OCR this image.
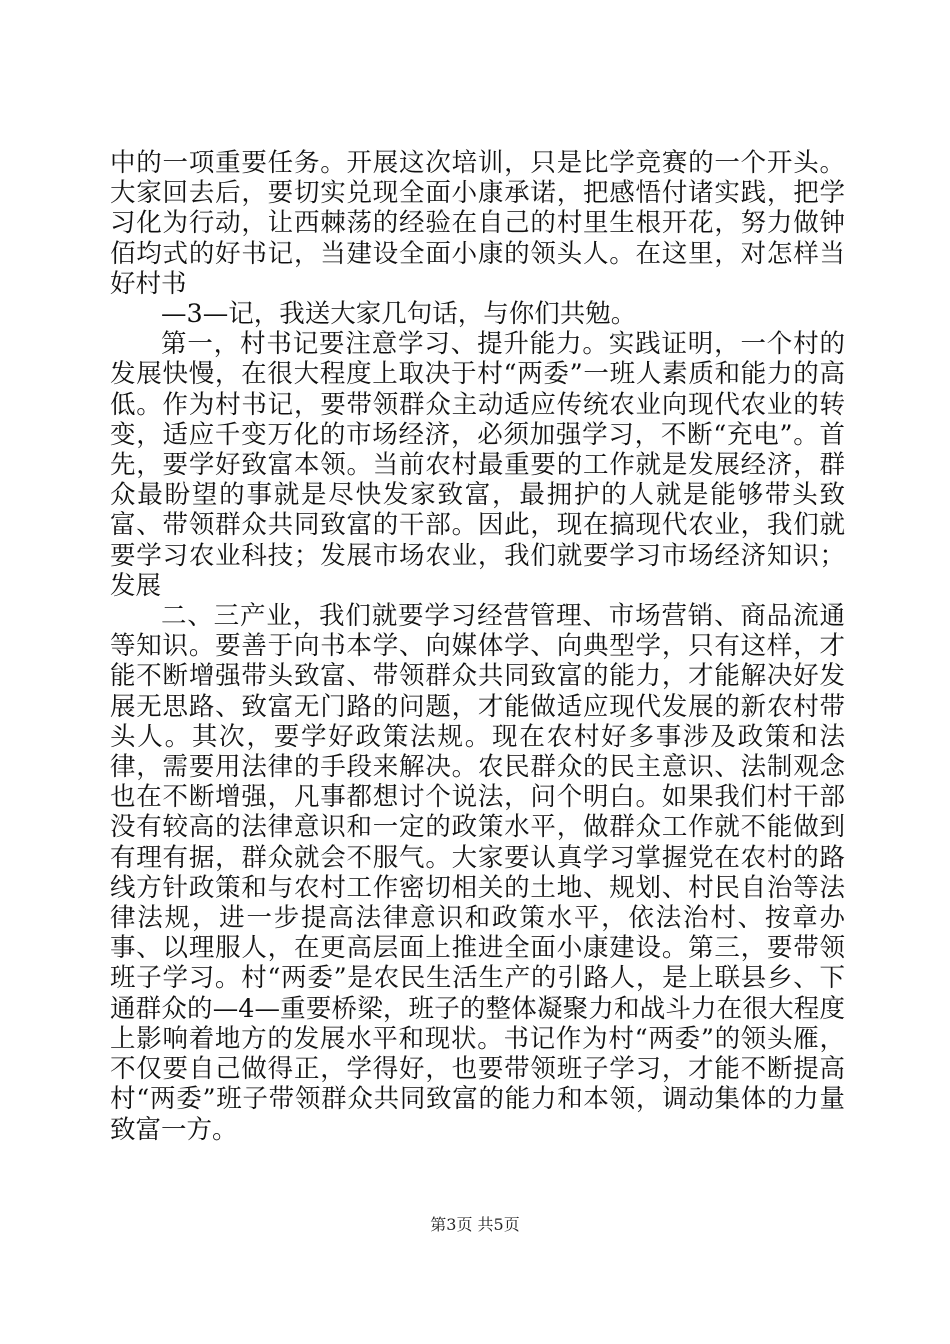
中的一项重要任务。开展这次培训，只是比学竞赛的一个开头。大家回去后，要切实兑现全面小康承诺，把感悟付诸实践，把学习化为行动，让西棘荡的经验在自己的村里生根开花，努力做钟佰均式的好书记，当建设全面小康的领头人。在这里，对怎样当好村书

—3—记，我送大家几句话，与你们共勉。

第一，村书记要注意学习、提升能力。实践证明，一个村的发展快慢，在很大程度上取决于村“两委”一班人素质和能力的高低。作为村书记，要带领群众主动适应传统农业向现代农业的转变，适应千变万化的市场经济，必须加强学习，不断“充电”。首先，要学好致富本领。当前农村最重要的工作就是发展经济，群众最盼望的事就是尽快发家致富，最拥护的人就是能够带头致富、带领群众共同致富的干部。因此，现在搞现代农业，我们就要学习农业科技；发展市场农业，我们就要学习市场经济知识；发展

二、三产业，我们就要学习经营管理、市场营销、商品流通等知识。要善于向书本学、向媒体学、向典型学，只有这样，才能不断增强带头致富、带领群众共同致富的能力，才能解决好发展无思路、致富无门路的问题，才能做适应现代发展的新农村带头人。其次，要学好政策法规。现在农村好多事涉及政策和法律，需要用法律的手段来解决。农民群众的民主意识、法制观念也在不断增强，凡事都想讨个说法，问个明白。如果我们村干部没有较高的法律意识和一定的政策水平，做群众工作就不能做到有理有据，群众就会不服气。大家要认真学习掌握党在农村的路线方针政策和与农村工作密切相关的土地、规划、村民自治等法律法规，进一步提高法律意识和政策水平，依法治村、按章办事、以理服人，在更高层面上推进全面小康建设。第三，要带领班子学习。村“两委”是农民生活生产的引路人，是上联县乡、下通群众的—4—重要桥梁，班子的整体凝聚力和战斗力在很大程度上影响着地方的发展水平和现状。书记作为村“两委”的领头雁，不仅要自己做得正，学得好，也要带领班子学习，才能不断提高村“两委”班子带领群众共同致富的能力和本领，调动集体的力量致富一方。

第3页 共5页
